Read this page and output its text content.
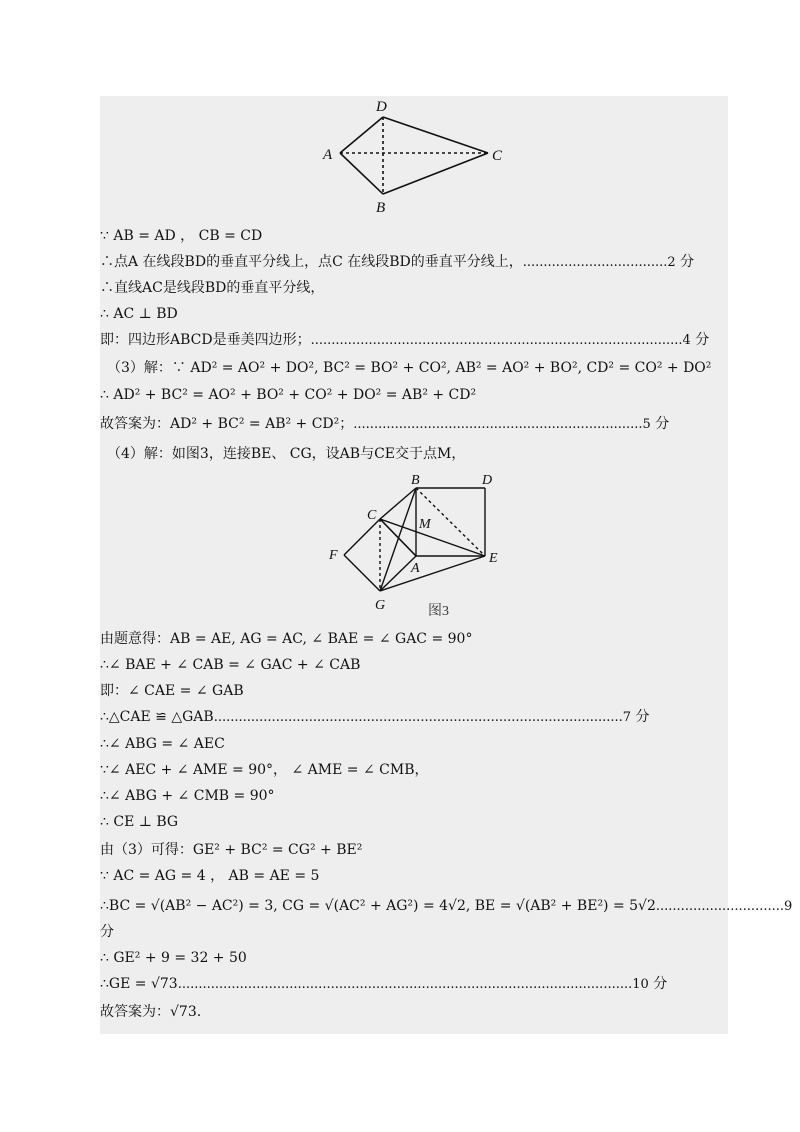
D
A	C
B
∵ AB = AD ， CB = CD
∴点A 在线段BD的垂直平分线上，点C 在线段BD的垂直平分线上，...................................2 分
∴直线AC是线段BD的垂直平分线，
∴ AC ⊥ BD
即：四边形ABCD是垂美四边形；..........................................................................................4 分
（3）解：∵ AD² = AO² + DO², BC² = BO² + CO², AB² = AO² + BO², CD² = CO² + DO²
∴ AD² + BC² = AO² + BO² + CO² + DO² = AB² + CD²
故答案为：AD² + BC² = AB² + CD²；......................................................................5 分
（4）解：如图3，连接BE、 CG，设AB与CE交于点M，
B	D
C
M
F
A
E
G	图3
由题意得：AB = AE, AG = AC, ∠ BAE = ∠ GAC = 90°
∴∠ BAE + ∠ CAB = ∠ GAC + ∠ CAB
即：∠ CAE = ∠ GAB
∴△CAE ≌ △GAB...................................................................................................7 分
∴∠ ABG = ∠ AEC
∵∠ AEC + ∠ AME = 90°， ∠ AME = ∠ CMB，
∴∠ ABG + ∠ CMB = 90°
∴ CE ⊥ BG
由（3）可得：GE² + BC² = CG² + BE²
∵ AC = AG = 4 ， AB = AE = 5
∴BC = √(AB² − AC²) = 3, CG = √(AC² + AG²) = 4√2, BE = √(AB² + BE²) = 5√2...............................9
分
∴ GE² + 9 = 32 + 50
∴GE = √73..............................................................................................................10 分
故答案为：√73.
